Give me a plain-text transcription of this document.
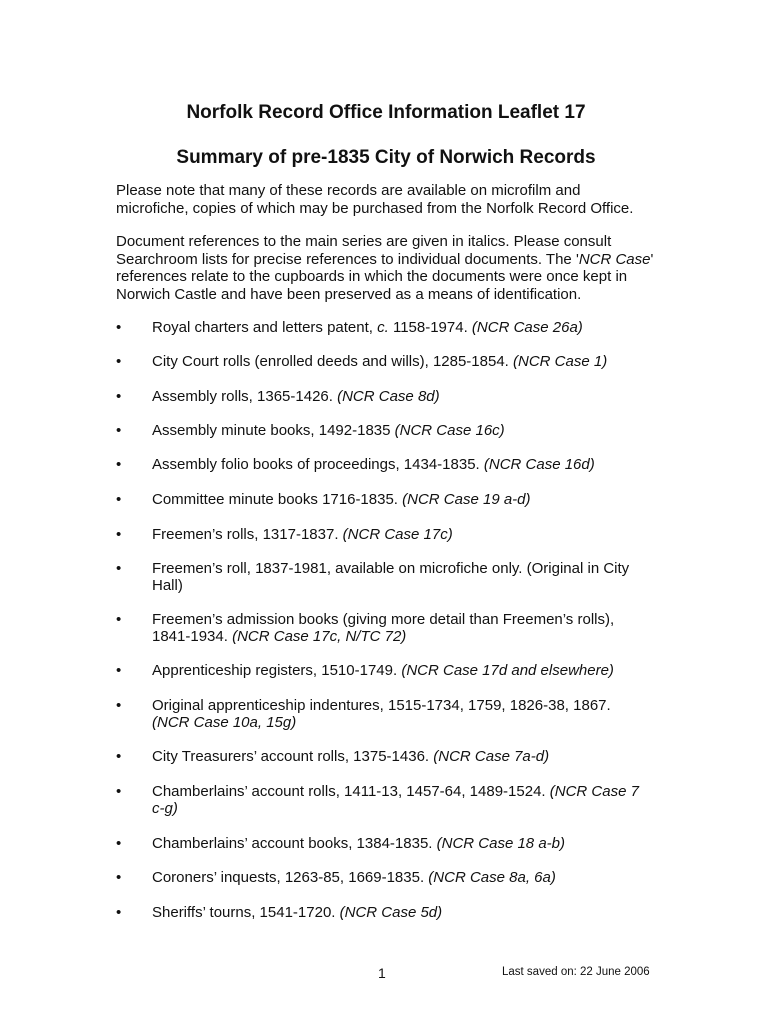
Norfolk Record Office Information Leaflet 17
Summary of pre-1835 City of Norwich Records

Please note that many of these records are available on microfilm and microfiche, copies of which may be purchased from the Norfolk Record Office.

Document references to the main series are given in italics. Please consult Searchroom lists for precise references to individual documents. The 'NCR Case' references relate to the cupboards in which the documents were once kept in Norwich Castle and have been preserved as a means of identification.

• Royal charters and letters patent, c. 1158-1974. (NCR Case 26a)
• City Court rolls (enrolled deeds and wills), 1285-1854. (NCR Case 1)
• Assembly rolls, 1365-1426. (NCR Case 8d)
• Assembly minute books, 1492-1835 (NCR Case 16c)
• Assembly folio books of proceedings, 1434-1835. (NCR Case 16d)
• Committee minute books 1716-1835. (NCR Case 19 a-d)
• Freemen’s rolls, 1317-1837. (NCR Case 17c)
• Freemen’s roll, 1837-1981, available on microfiche only. (Original in City Hall)
• Freemen’s admission books (giving more detail than Freemen’s rolls), 1841-1934. (NCR Case 17c, N/TC 72)
• Apprenticeship registers, 1510-1749. (NCR Case 17d and elsewhere)
• Original apprenticeship indentures, 1515-1734, 1759, 1826-38, 1867. (NCR Case 10a, 15g)
• City Treasurers’ account rolls, 1375-1436. (NCR Case 7a-d)
• Chamberlains’ account rolls, 1411-13, 1457-64, 1489-1524. (NCR Case 7 c-g)
• Chamberlains’ account books, 1384-1835. (NCR Case 18 a-b)
• Coroners’ inquests, 1263-85, 1669-1835. (NCR Case 8a, 6a)
• Sheriffs’ tourns, 1541-1720. (NCR Case 5d)
1	Last saved on: 22 June 2006
